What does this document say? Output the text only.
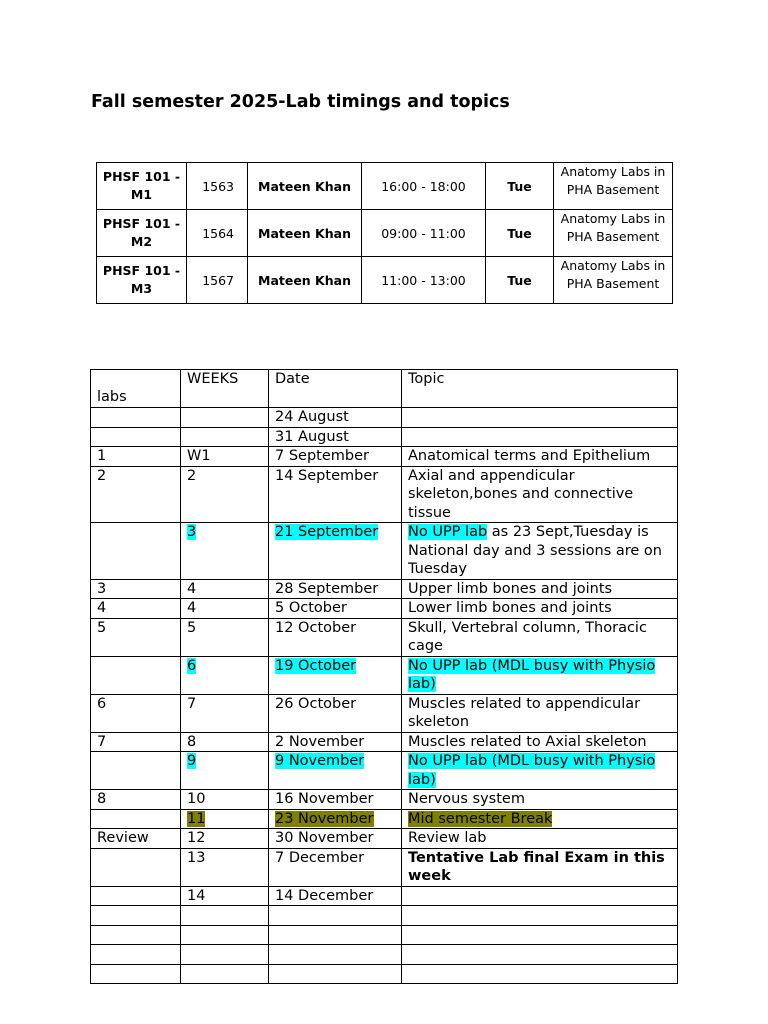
Fall semester 2025-Lab timings and topics
PHSF 101 -
M1	1563	Mateen Khan	16:00 - 18:00	Tue	Anatomy Labs in
PHA Basement
PHSF 101 -
M2	1564	Mateen Khan	09:00 - 11:00	Tue	Anatomy Labs in
PHA Basement
PHSF 101 -
M3	1567	Mateen Khan	11:00 - 13:00	Tue	Anatomy Labs in
PHA Basement
labs	WEEKS	Date	Topic
		24 August	
		31 August	
1	W1	7 September	Anatomical terms and Epithelium
2	2	14 September	Axial and appendicular skeleton,bones and connective tissue
	3	21 September	No UPP lab as 23 Sept,Tuesday is National day and 3 sessions are on Tuesday
3	4	28 September	Upper limb bones and joints
4	4	5 October	Lower limb bones and joints
5	5	12 October	Skull, Vertebral column, Thoracic cage
	6	19 October	No UPP lab (MDL busy with Physio lab)
6	7	26 October	Muscles related to appendicular skeleton
7	8	2 November	Muscles related to Axial skeleton
	9	9 November	No UPP lab (MDL busy with Physio lab)
8	10	16 November	Nervous system
	11	23 November	Mid semester Break
Review	12	30 November	Review lab
	13	7 December	Tentative Lab final Exam in this week
	14	14 December	
